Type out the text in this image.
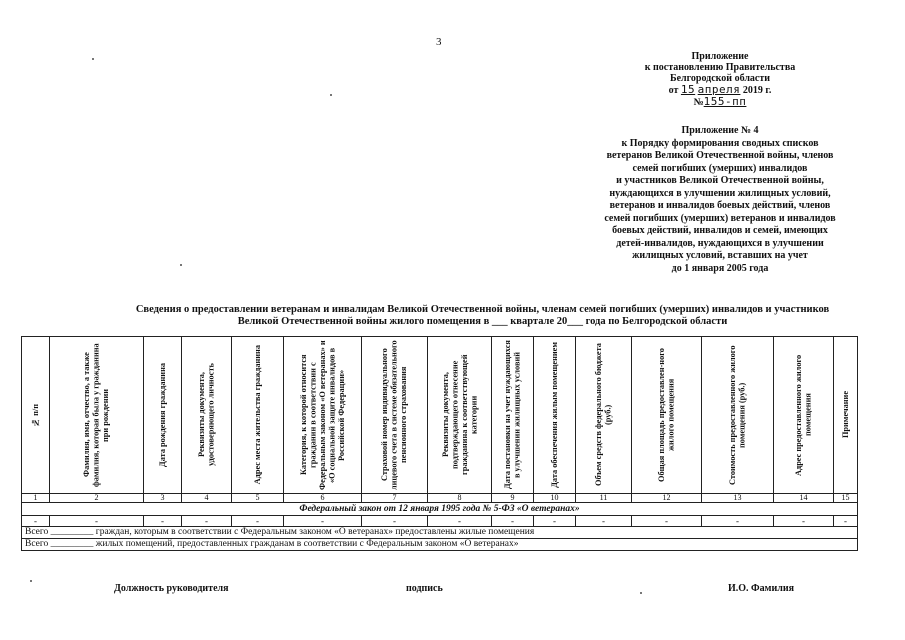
3
Приложение
к постановлению Правительства
Белгородской области
от 15 апреля 2019 г.
№155-пп
Приложение № 4
к Порядку формирования сводных списков
ветеранов Великой Отечественной войны, членов
семей погибших (умерших) инвалидов
и участников Великой Отечественной войны,
нуждающихся в улучшении жилищных условий,
ветеранов и инвалидов боевых действий, членов
семей погибших (умерших) ветеранов и инвалидов
боевых действий, инвалидов и семей, имеющих
детей-инвалидов, нуждающихся в улучшении
жилищных условий, вставших на учет
до 1 января 2005 года
Сведения о предоставлении ветеранам и инвалидам Великой Отечественной войны, членам семей погибших (умерших) инвалидов и участников
Великой Отечественной войны жилого помещения в ___ квартале 20___ года по Белгородской области
№ п/п	Фамилия, имя, отчество, а также фамилия, которая была у гражданина при рождении	Дата рождения гражданина	Реквизиты документа, удостоверяющего личность	Адрес места жительства гражданина	Категория, к которой относится гражданин в соответствии с Федеральным законом «О ветеранах» и «О социальной защите инвалидов в Российской Федерации»	Страховой номер индивидуального лицевого счета в системе обязательного пенсионного страхования	Реквизиты документа, подтверждающего отнесение гражданина к соответствующей категории	Дата постановки на учет нуждающихся в улучшении жилищных условий	Дата обеспечения жилым помещением	Объем средств федерального бюджета (руб.)	Общая площадь предоставлен-ного жилого помещения	Стоимость предоставленного жилого помещения (руб.)	Адрес предоставленного жилого помещения	Примечание

1	2	3	4	5	6	7	8	9	10	11	12	13	14	15
Федеральный закон от 12 января 1995 года № 5-ФЗ «О ветеранах»														
-	-	-	-	-	-	-	-	-	-	-	-	-	-	-
Всего _________ граждан, которым в соответствии с Федеральным законом «О ветеранах» предоставлены жилые помещения														
Всего _________ жилых помещений, предоставленных гражданам в соответствии с Федеральным законом «О ветеранах»														
Должность руководителя	подпись	И.О. Фамилия
